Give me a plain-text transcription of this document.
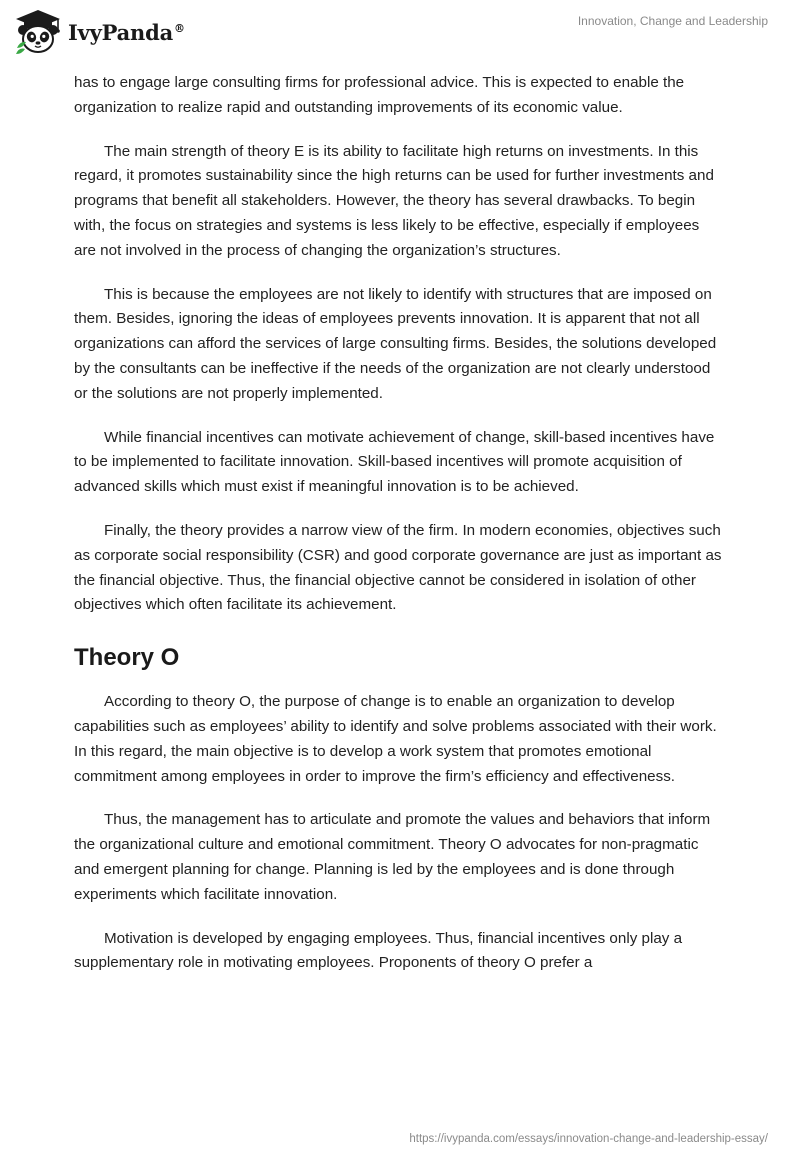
IvyPanda®	Innovation, Change and Leadership

has to engage large consulting firms for professional advice. This is expected to enable the organization to realize rapid and outstanding improvements of its economic value.

The main strength of theory E is its ability to facilitate high returns on investments. In this regard, it promotes sustainability since the high returns can be used for further investments and programs that benefit all stakeholders. However, the theory has several drawbacks. To begin with, the focus on strategies and systems is less likely to be effective, especially if employees are not involved in the process of changing the organization’s structures.

This is because the employees are not likely to identify with structures that are imposed on them. Besides, ignoring the ideas of employees prevents innovation. It is apparent that not all organizations can afford the services of large consulting firms. Besides, the solutions developed by the consultants can be ineffective if the needs of the organization are not clearly understood or the solutions are not properly implemented.

While financial incentives can motivate achievement of change, skill-based incentives have to be implemented to facilitate innovation. Skill-based incentives will promote acquisition of advanced skills which must exist if meaningful innovation is to be achieved.

Finally, the theory provides a narrow view of the firm. In modern economies, objectives such as corporate social responsibility (CSR) and good corporate governance are just as important as the financial objective. Thus, the financial objective cannot be considered in isolation of other objectives which often facilitate its achievement.

Theory O

According to theory O, the purpose of change is to enable an organization to develop capabilities such as employees’ ability to identify and solve problems associated with their work. In this regard, the main objective is to develop a work system that promotes emotional commitment among employees in order to improve the firm’s efficiency and effectiveness.

Thus, the management has to articulate and promote the values and behaviors that inform the organizational culture and emotional commitment. Theory O advocates for non-pragmatic and emergent planning for change. Planning is led by the employees and is done through experiments which facilitate innovation.

Motivation is developed by engaging employees. Thus, financial incentives only play a supplementary role in motivating employees. Proponents of theory O prefer a

https://ivypanda.com/essays/innovation-change-and-leadership-essay/
